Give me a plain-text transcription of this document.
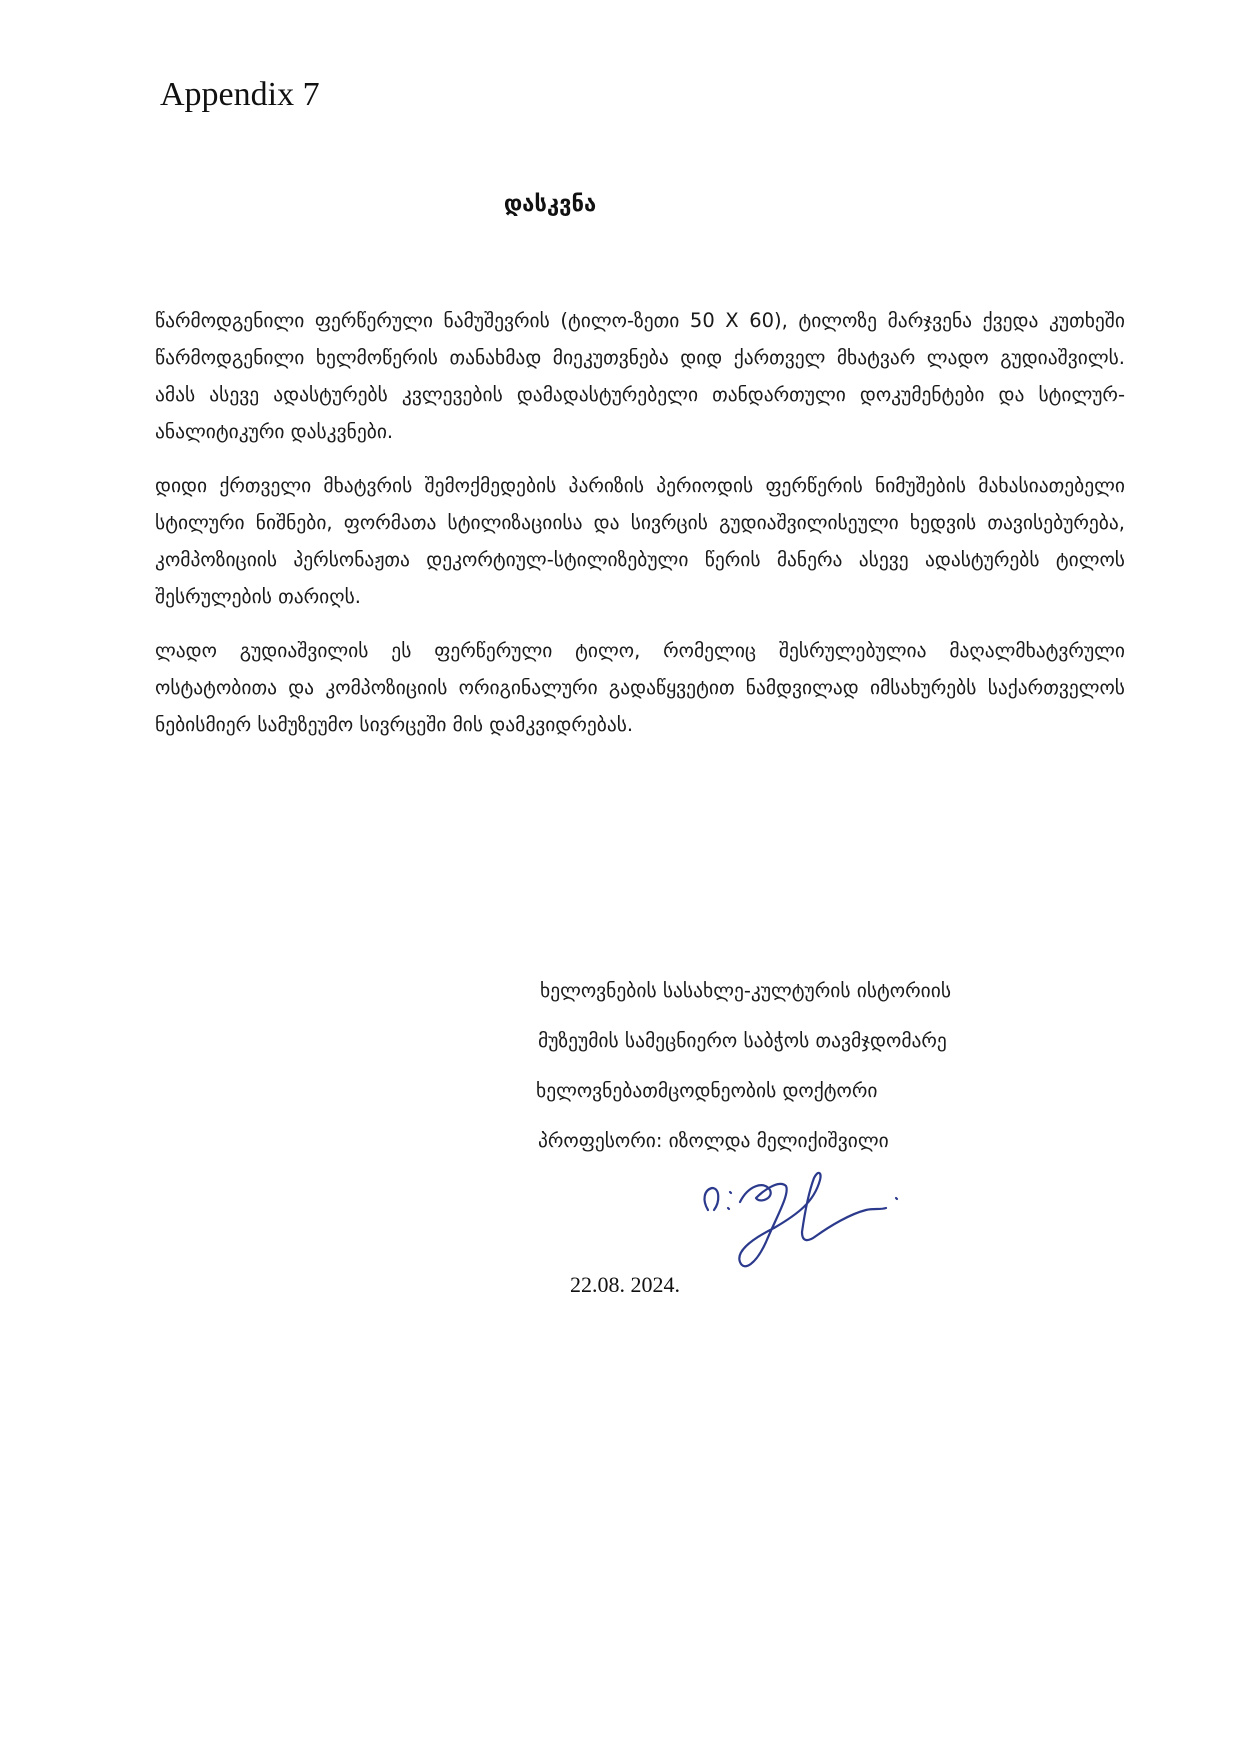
Appendix 7
დასკვნა

წარმოდგენილი ფერწერული ნამუშევრის (ტილო-ზეთი 50 X 60), ტილოზე მარჯვენა ქვედა კუთხეში წარმოდგენილი ხელმოწერის თანახმად მიეკუთვნება დიდ ქართველ მხატვარ ლადო გუდიაშვილს. ამას ასევე ადასტურებს კვლევების დამადასტურებელი თანდართული დოკუმენტები და სტილურ-ანალიტიკური დასკვნები.

დიდი ქრთველი მხატვრის შემოქმედების პარიზის პერიოდის ფერწერის ნიმუშების მახასიათებელი სტილური ნიშნები, ფორმათა სტილიზაციისა და სივრცის გუდიაშვილისეული ხედვის თავისებურება, კომპოზიციის პერსონაჟთა დეკორტიულ-სტილიზებული წერის მანერა ასევე ადასტურებს ტილოს შესრულების თარიღს.

ლადო გუდიაშვილის ეს ფერწერული ტილო, რომელიც შესრულებულია მაღალმხატვრული ოსტატობითა და კომპოზიციის ორიგინალური გადაწყვეტით ნამდვილად იმსახურებს საქართველოს ნებისმიერ სამუზეუმო სივრცეში მის დამკვიდრებას.

ხელოვნების სასახლე-კულტურის ისტორიის
მუზეუმის სამეცნიერო საბჭოს თავმჯდომარე
ხელოვნებათმცოდნეობის დოქტორი
პროფესორი: იზოლდა მელიქიშვილი
22.08. 2024.
